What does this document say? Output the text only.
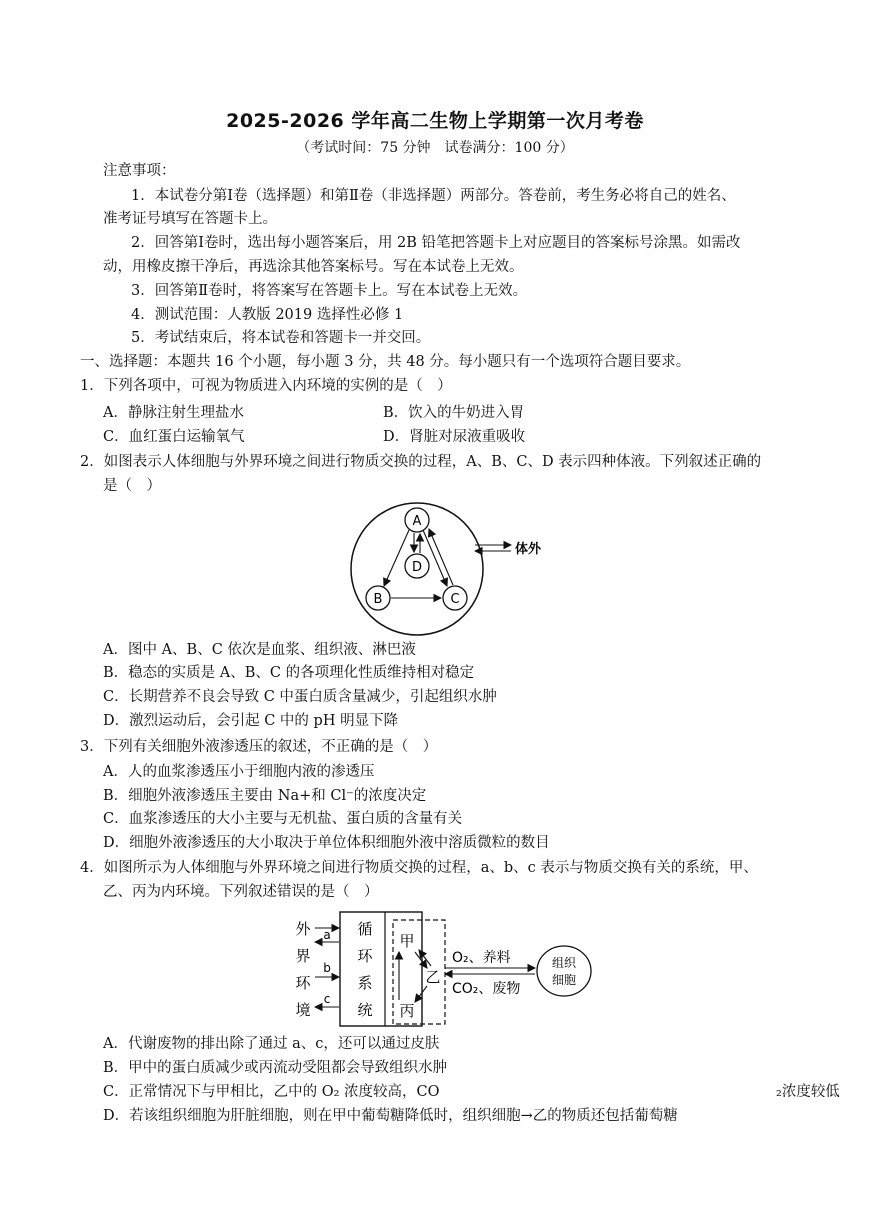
2025-2026 学年高二生物上学期第一次月考卷
（考试时间：75 分钟　试卷满分：100 分）
注意事项：
1．本试卷分第Ⅰ卷（选择题）和第Ⅱ卷（非选择题）两部分。答卷前，考生务必将自己的姓名、
准考证号填写在答题卡上。
2．回答第Ⅰ卷时，选出每小题答案后，用 2B 铅笔把答题卡上对应题目的答案标号涂黑。如需改
动，用橡皮擦干净后，再选涂其他答案标号。写在本试卷上无效。
3．回答第Ⅱ卷时，将答案写在答题卡上。写在本试卷上无效。
4．测试范围：人教版 2019 选择性必修 1
5．考试结束后，将本试卷和答题卡一并交回。
一、选择题：本题共 16 个小题，每小题 3 分，共 48 分。每小题只有一个选项符合题目要求。
1．下列各项中，可视为物质进入内环境的实例的是（　）
A．静脉注射生理盐水	B．饮入的牛奶进入胃
C．血红蛋白运输氧气	D．肾脏对尿液重吸收
2．如图表示人体细胞与外界环境之间进行物质交换的过程，A、B、C、D 表示四种体液。下列叙述正确的
是（　）
A
D
B	C
体外
A．图中 A、B、C 依次是血浆、组织液、淋巴液
B．稳态的实质是 A、B、C 的各项理化性质维持相对稳定
C．长期营养不良会导致 C 中蛋白质含量减少，引起组织水肿
D．激烈运动后，会引起 C 中的 pH 明显下降
3．下列有关细胞外液渗透压的叙述，不正确的是（　）
A．人的血浆渗透压小于细胞内液的渗透压
B．细胞外液渗透压主要由 Na+和 Cl⁻的浓度决定
C．血浆渗透压的大小主要与无机盐、蛋白质的含量有关
D．细胞外液渗透压的大小取决于单位体积细胞外液中溶质微粒的数目
4．如图所示为人体细胞与外界环境之间进行物质交换的过程，a、b、c 表示与物质交换有关的系统，甲、
乙、丙为内环境。下列叙述错误的是（　）
外
界
环
境
循
环
系
统
a
b
c
甲
丙
乙
O₂、养料
CO₂、废物
组织
细胞
A．代谢废物的排出除了通过 a、c，还可以通过皮肤
B．甲中的蛋白质减少或丙流动受阻都会导致组织水肿
C．正常情况下与甲相比，乙中的 O₂ 浓度较高，CO	₂浓度较低
D．若该组织细胞为肝脏细胞，则在甲中葡萄糖降低时，组织细胞→乙的物质还包括葡萄糖
